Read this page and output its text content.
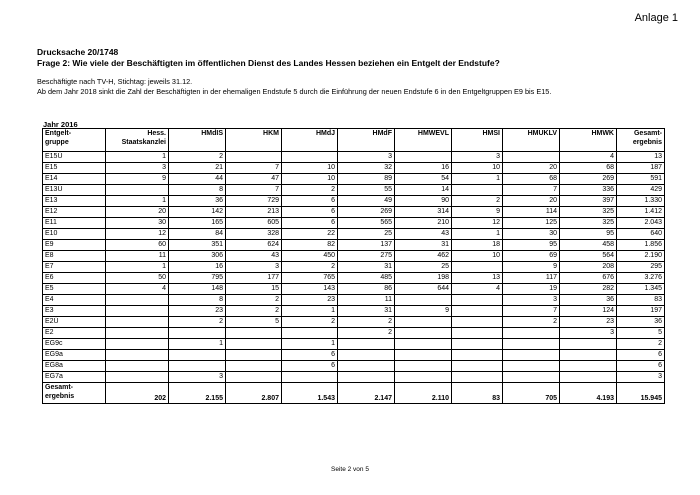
Anlage 1

Drucksache 20/1748

Frage 2: Wie viele der Beschäftigten im öffentlichen Dienst des Landes Hessen beziehen ein Entgelt der Endstufe?

Beschäftigte nach TV-H, Stichtag: jeweils 31.12.

Ab dem Jahr 2018 sinkt die Zahl der Beschäftigten in der ehemaligen Endstufe 5 durch die Einführung der neuen Endstufe 6 in den Entgeltgruppen E9 bis E15.

Jahr 2016
Entgelt-
gruppe	Hess.
Staatskanzlei	HMdIS	HKM	HMdJ	HMdF	HMWEVL	HMSI	HMUKLV	HMWK	Gesamt-
ergebnis
E15Ü	1	2			3		3		4	13
E15	3	21	7	10	32	16	10	20	68	187
E14	9	44	47	10	89	54	1	68	269	591
E13Ü		8	7	2	55	14		7	336	429
E13	1	36	729	6	49	90	2	20	397	1.330
E12	20	142	213	6	269	314	9	114	325	1.412
E11	30	165	605	6	565	210	12	125	325	2.043
E10	12	84	328	22	25	43	1	30	95	640
E9	60	351	624	82	137	31	18	95	458	1.856
E8	11	306	43	450	275	462	10	69	564	2.190
E7	1	16	3	2	31	25		9	208	295
E6	50	795	177	765	485	198	13	117	676	3.276
E5	4	148	15	143	86	644	4	19	282	1.345
E4		8	2	23	11			3	36	83
E3		23	2	1	31	9		7	124	197
E2Ü		2	5	2	2			2	23	36
E2					2				3	5
EG9c		1		1						2
EG9a				6						6
EG8a				6						6
EG7a		3								3
Gesamt-
ergebnis	202	2.155	2.807	1.543	2.147	2.110	83	705	4.193	15.945
Seite 2 von 5
